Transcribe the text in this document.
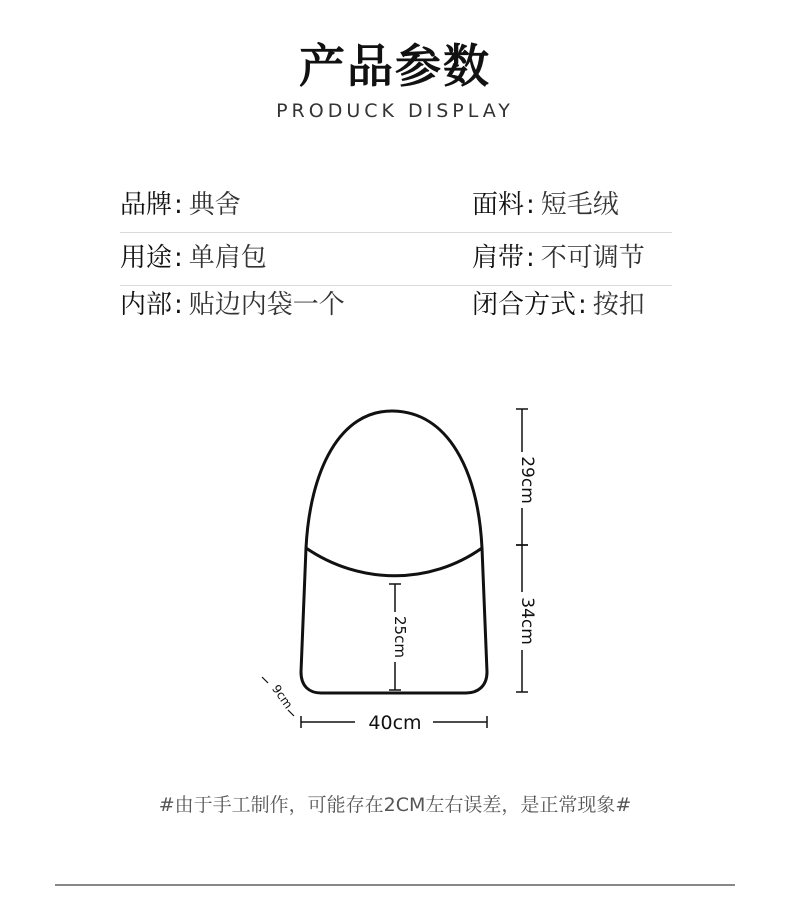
产品参数
PRODUCK DISPLAY
品牌: 典舍	面料: 短毛绒
用途: 单肩包	肩带: 不可调节
内部: 贴边内袋一个	闭合方式: 按扣
29cm
34cm
25cm
40cm
9cm
#由于手工制作，可能存在2CM左右误差，是正常现象#
